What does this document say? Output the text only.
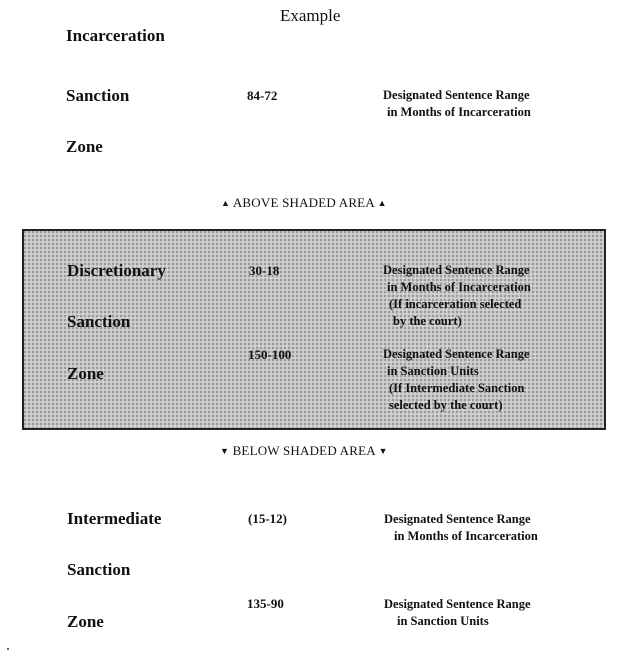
Example
Incarceration
Sanction
Zone
84-72	Designated Sentence Range
in Months of Incarceration
▲ ABOVE SHADED AREA ▲
Discretionary
Sanction
Zone
30-18	Designated Sentence Range
in Months of Incarceration
(If incarceration selected
by the court)
150-100	Designated Sentence Range
in Sanction Units
(If Intermediate Sanction
selected by the court)
▼ BELOW SHADED AREA ▼
Intermediate
Sanction
Zone
(15-12)	Designated Sentence Range
in Months of Incarceration
135-90	Designated Sentence Range
in Sanction Units
